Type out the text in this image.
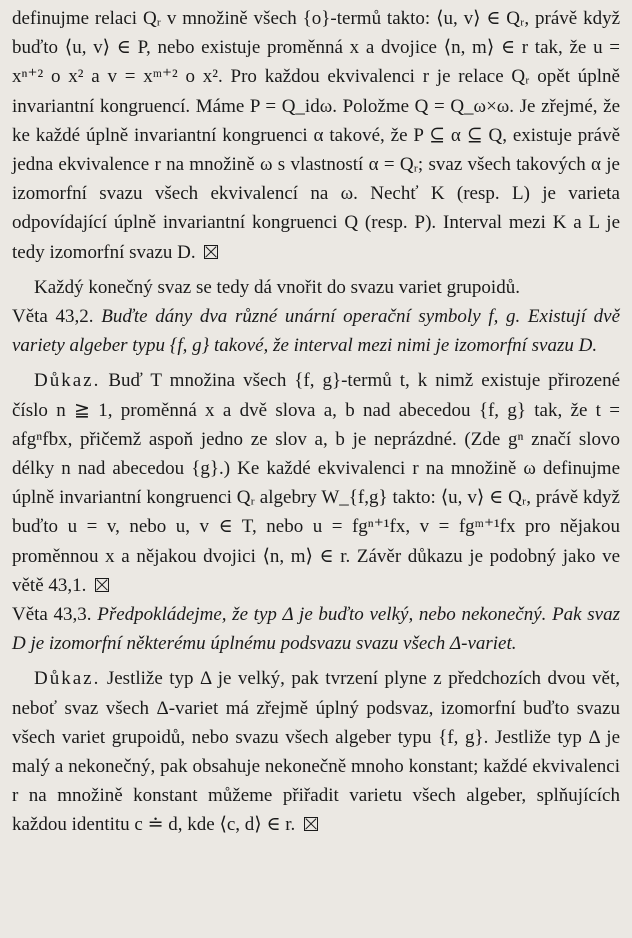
definujme relaci Qᵣ v množině všech {o}-termů takto: ⟨u, v⟩ ∈ Qᵣ, právě když buďto ⟨u, v⟩ ∈ P, nebo existuje proměnná x a dvojice ⟨n, m⟩ ∈ r tak, že u = xⁿ⁺² o x² a v = xᵐ⁺² o x². Pro každou ekvivalenci r je relace Qᵣ opět úplně invariantní kongruencí. Máme P = Q_idω. Položme Q = Q_ω×ω. Je zřejmé, že ke každé úplně invariantní kongruenci α takové, že P ⊆ α ⊆ Q, existuje právě jedna ekvivalence r na množině ω s vlastností α = Qᵣ; svaz všech takových α je izomorfní svazu všech ekvivalencí na ω. Nechť K (resp. L) je varieta odpovídající úplně invariantní kongruenci Q (resp. P). Interval mezi K a L je tedy izomorfní svazu D.

Každý konečný svaz se tedy dá vnořit do svazu variet grupoidů.

Věta 43,2. Buďte dány dva různé unární operační symboly f, g. Existují dvě variety algeber typu {f, g} takové, že interval mezi nimi je izomorfní svazu D.

Důkaz. Buď T množina všech {f, g}-termů t, k nimž existuje přirozené číslo n ≧ 1, proměnná x a dvě slova a, b nad abecedou {f, g} tak, že t = afgⁿfbx, přičemž aspoň jedno ze slov a, b je neprázdné. (Zde gⁿ značí slovo délky n nad abecedou {g}.) Ke každé ekvivalenci r na množině ω definujme úplně invariantní kongruenci Qᵣ algebry W_{f,g} takto: ⟨u, v⟩ ∈ Qᵣ, právě když buďto u = v, nebo u, v ∈ T, nebo u = fgⁿ⁺¹fx, v = fgᵐ⁺¹fx pro nějakou proměnnou x a nějakou dvojici ⟨n, m⟩ ∈ r. Závěr důkazu je podobný jako ve větě 43,1.

Věta 43,3. Předpokládejme, že typ Δ je buďto velký, nebo nekonečný. Pak svaz D je izomorfní některému úplnému podsvazu svazu všech Δ-variet.

Důkaz. Jestliže typ Δ je velký, pak tvrzení plyne z předchozích dvou vět, neboť svaz všech Δ-variet má zřejmě úplný podsvaz, izomorfní buďto svazu všech variet grupoidů, nebo svazu všech algeber typu {f, g}. Jestliže typ Δ je malý a nekonečný, pak obsahuje nekonečně mnoho konstant; každé ekvivalenci r na množině konstant můžeme přiřadit varietu všech algeber, splňujících každou identitu c ≐ d, kde ⟨c, d⟩ ∈ r.
